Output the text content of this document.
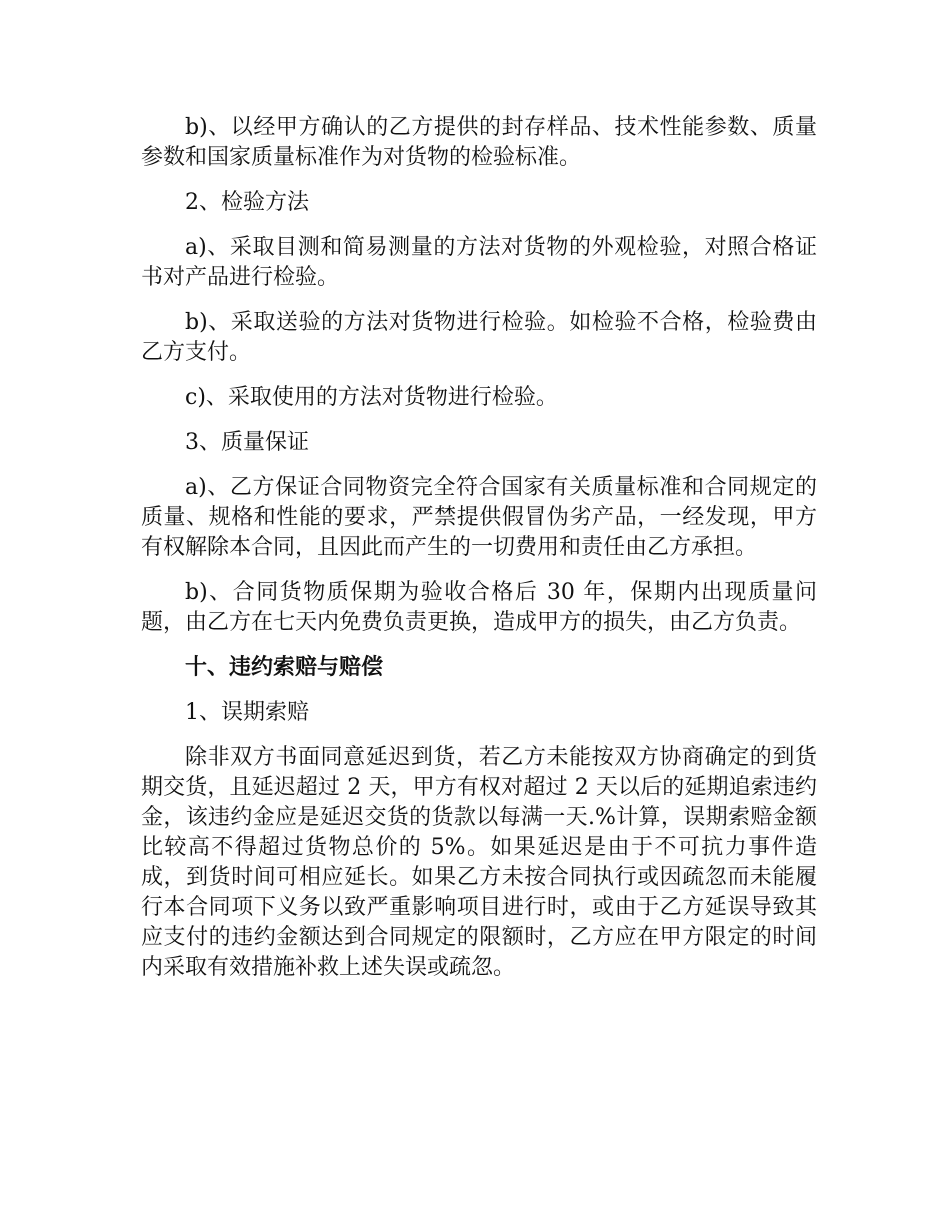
b)、以经甲方确认的乙方提供的封存样品、技术性能参数、质量参数和国家质量标准作为对货物的检验标准。

2、检验方法

a)、采取目测和简易测量的方法对货物的外观检验，对照合格证书对产品进行检验。

b)、采取送验的方法对货物进行检验。如检验不合格，检验费由乙方支付。

c)、采取使用的方法对货物进行检验。

3、质量保证

a)、乙方保证合同物资完全符合国家有关质量标准和合同规定的质量、规格和性能的要求，严禁提供假冒伪劣产品，一经发现，甲方有权解除本合同，且因此而产生的一切费用和责任由乙方承担。

b)、合同货物质保期为验收合格后 30 年，保期内出现质量问题，由乙方在七天内免费负责更换，造成甲方的损失，由乙方负责。

十、违约索赔与赔偿

1、误期索赔

除非双方书面同意延迟到货，若乙方未能按双方协商确定的到货期交货，且延迟超过 2 天，甲方有权对超过 2 天以后的延期追索违约金，该违约金应是延迟交货的货款以每满一天.%计算，误期索赔金额比较高不得超过货物总价的 5%。如果延迟是由于不可抗力事件造成，到货时间可相应延长。如果乙方未按合同执行或因疏忽而未能履行本合同项下义务以致严重影响项目进行时，或由于乙方延误导致其应支付的违约金额达到合同规定的限额时，乙方应在甲方限定的时间内采取有效措施补救上述失误或疏忽。
